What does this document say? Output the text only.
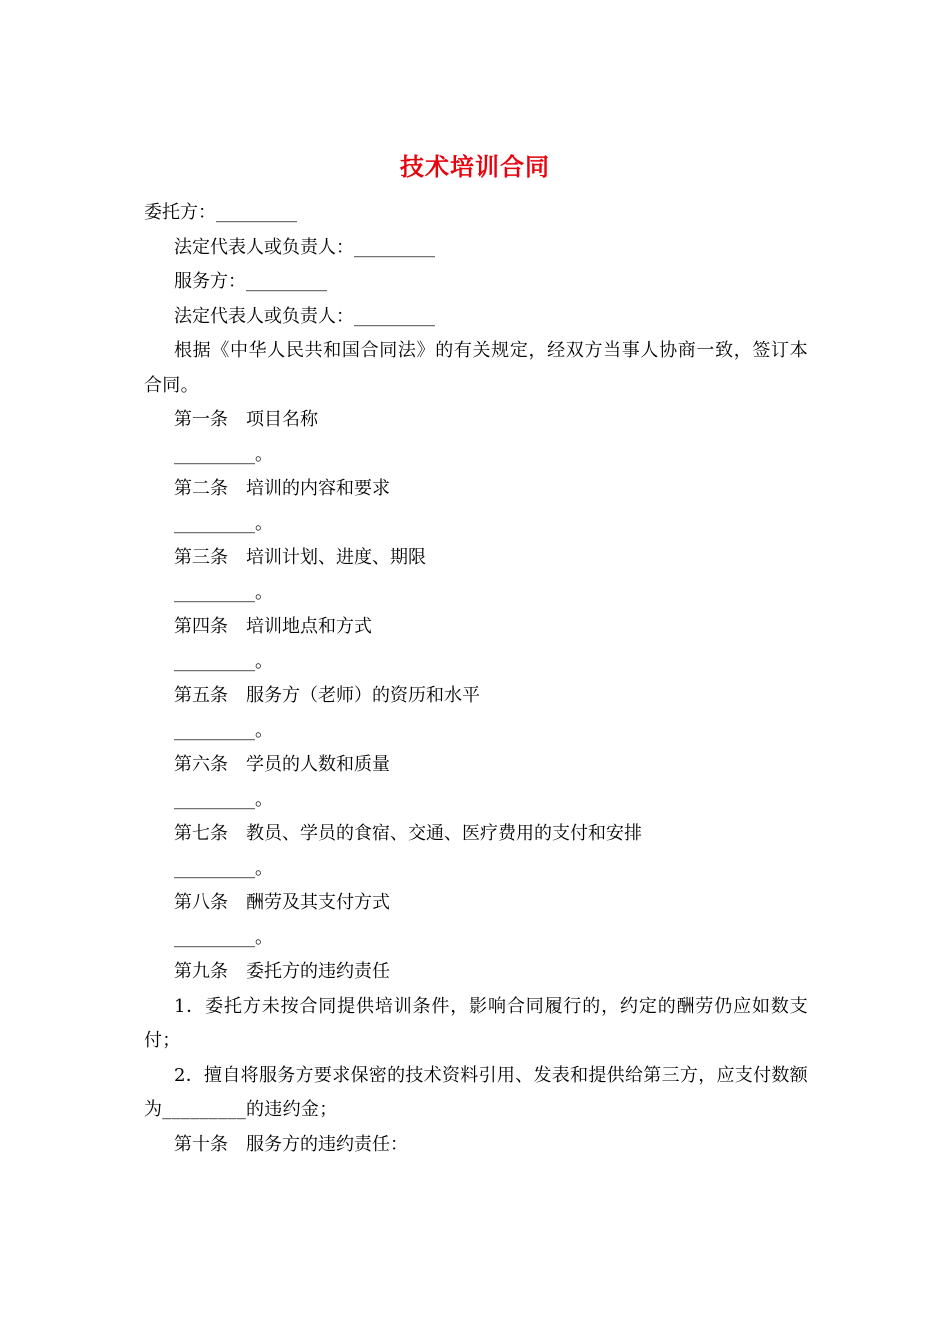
技术培训合同

委托方：_________

法定代表人或负责人：_________

服务方：_________

法定代表人或负责人：_________

根据《中华人民共和国合同法》的有关规定，经双方当事人协商一致，签订本合同。

第一条　项目名称

_________。

第二条　培训的内容和要求

_________。

第三条　培训计划、进度、期限

_________。

第四条　培训地点和方式

_________。

第五条　服务方（老师）的资历和水平

_________。

第六条　学员的人数和质量

_________。

第七条　教员、学员的食宿、交通、医疗费用的支付和安排

_________。

第八条　酬劳及其支付方式

_________。

第九条　委托方的违约责任

1．委托方未按合同提供培训条件，影响合同履行的，约定的酬劳仍应如数支付；

2．擅自将服务方要求保密的技术资料引用、发表和提供给第三方，应支付数额为_________的违约金；

第十条　服务方的违约责任：
